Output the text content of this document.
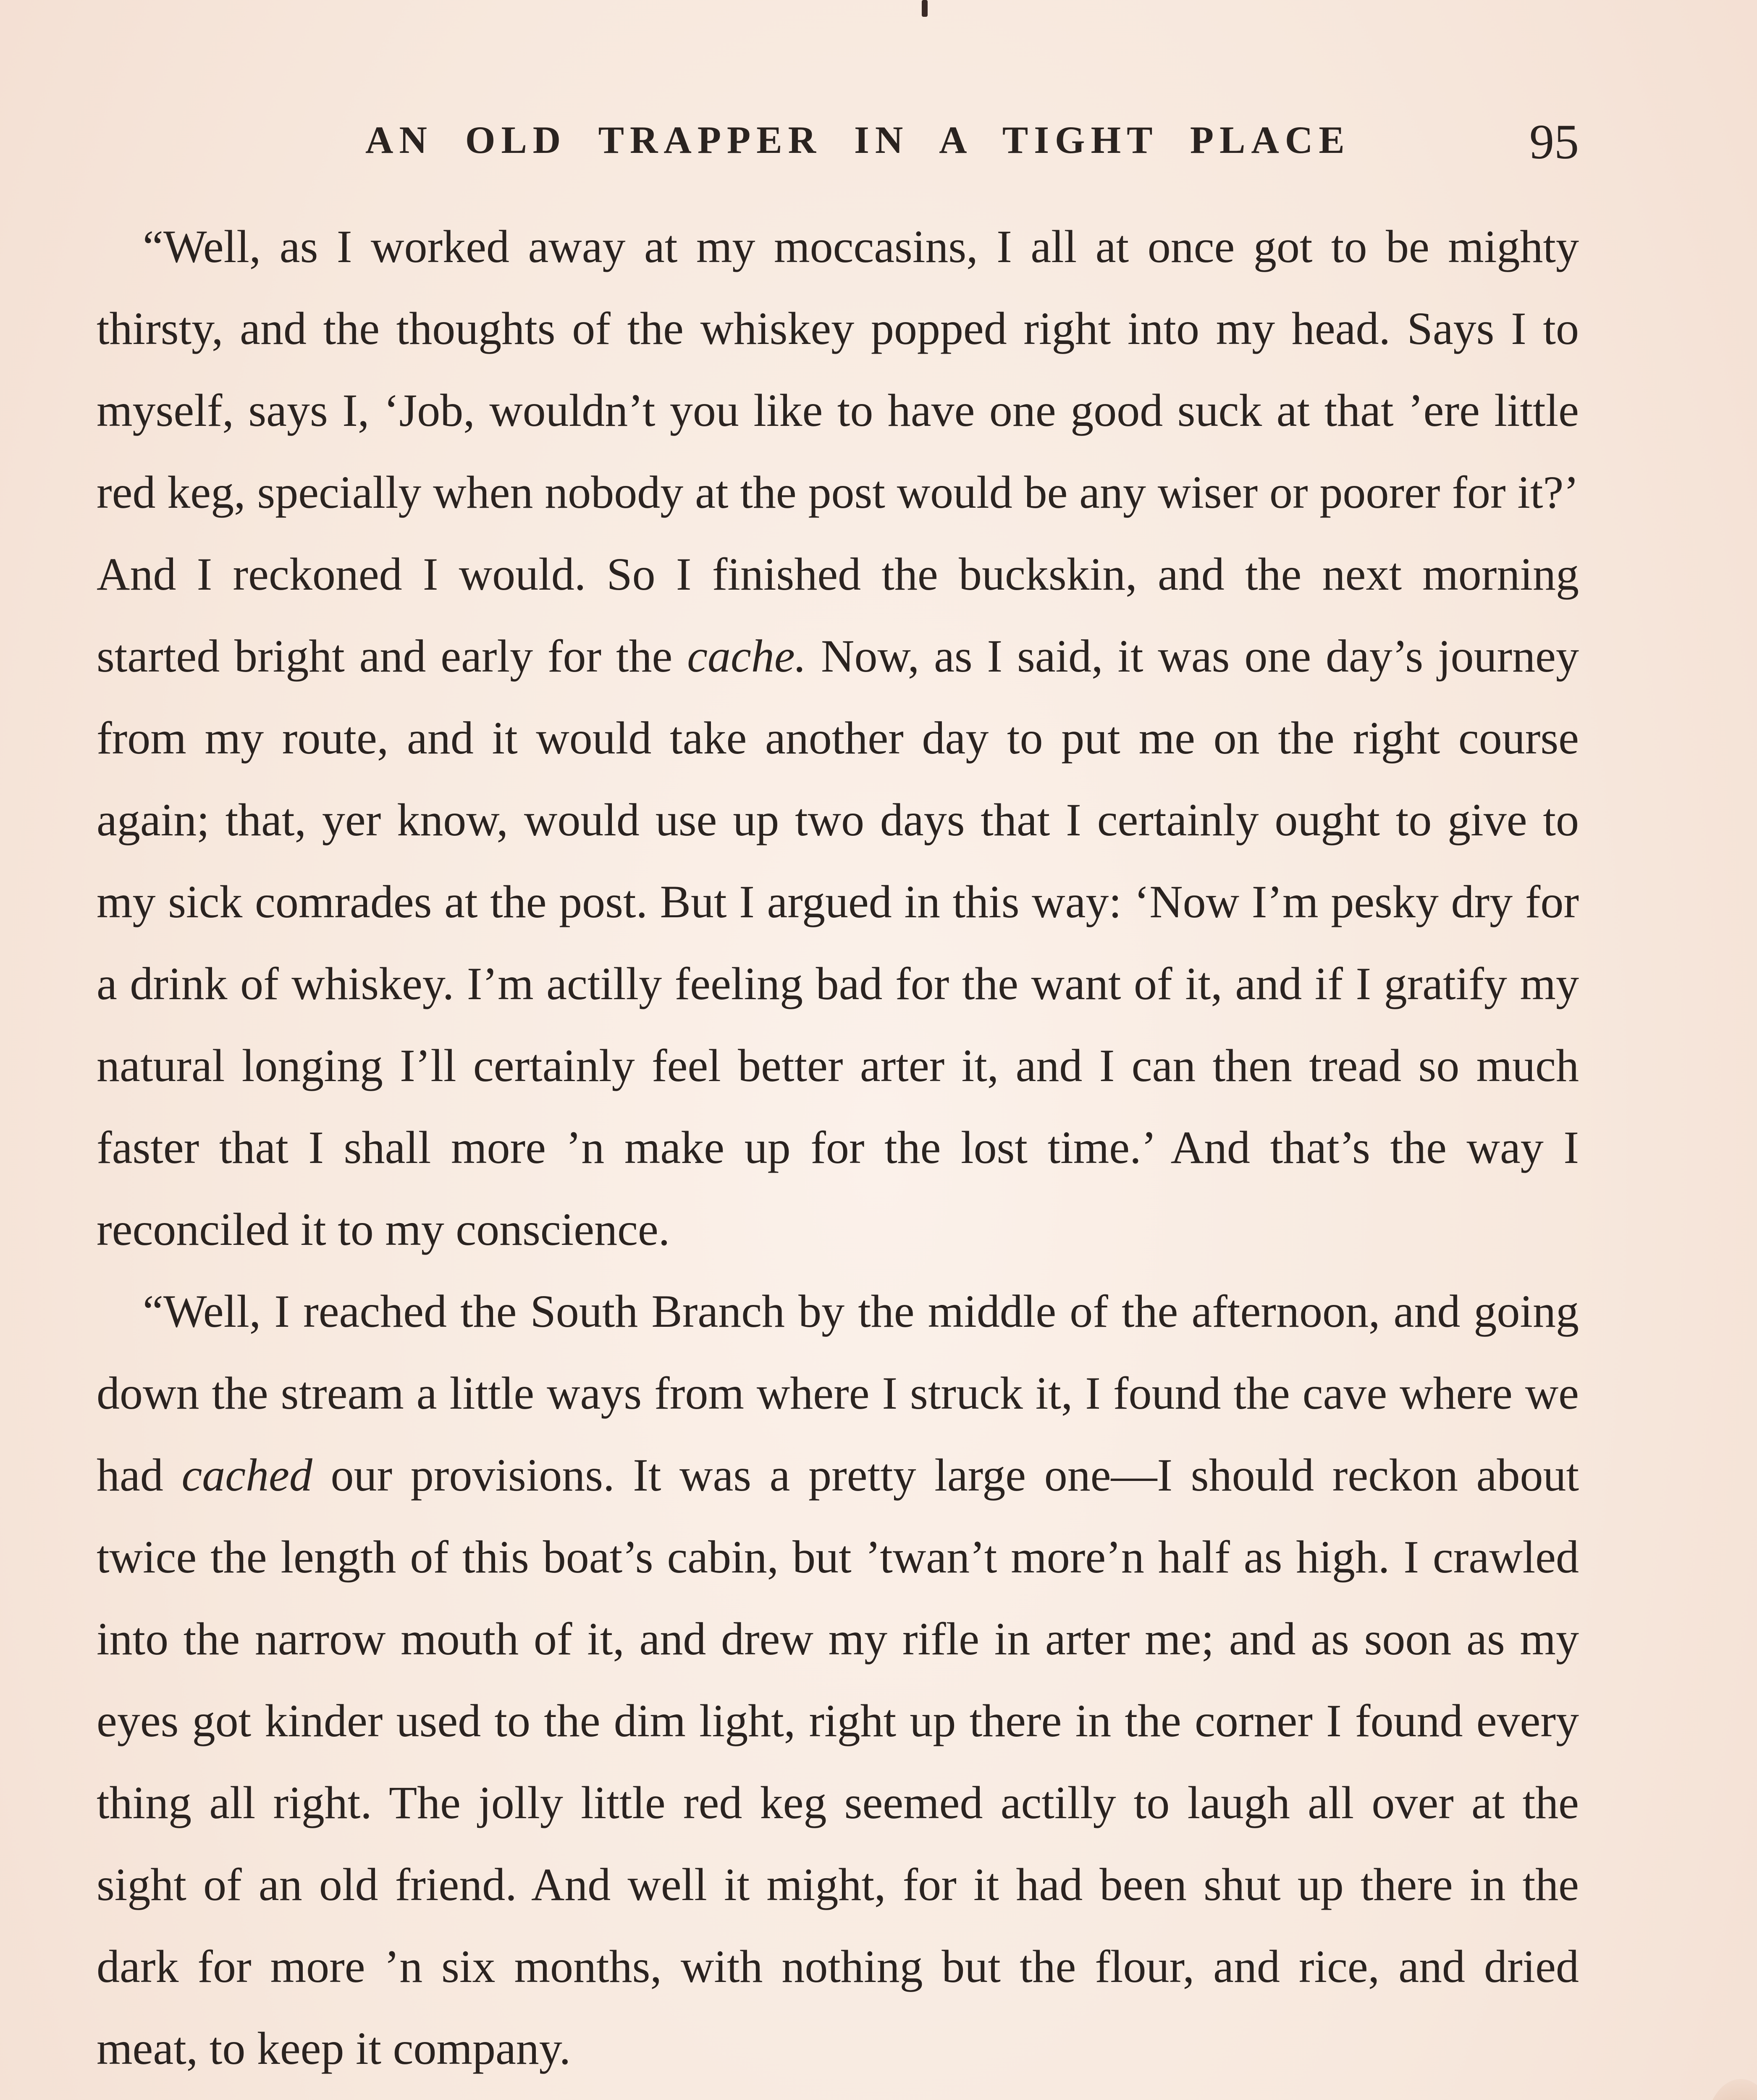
AN OLD TRAPPER IN A TIGHT PLACE	95

“Well, as I worked away at my moccasins, I all at once got to be mighty thirsty, and the thoughts of the whiskey popped right into my head. Says I to myself, says I, ‘Job, wouldn’t you like to have one good suck at that ’ere little red keg, specially when nobody at the post would be any wiser or poorer for it?’ And I reckoned I would. So I finished the buckskin, and the next morning started bright and early for the cache. Now, as I said, it was one day’s journey from my route, and it would take another day to put me on the right course again; that, yer know, would use up two days that I certainly ought to give to my sick comrades at the post. But I argued in this way: ‘Now I’m pesky dry for a drink of whiskey. I’m actilly feeling bad for the want of it, and if I gratify my natural longing I’ll certainly feel better arter it, and I can then tread so much faster that I shall more ’n make up for the lost time.’ And that’s the way I reconciled it to my conscience.

“Well, I reached the South Branch by the middle of the afternoon, and going down the stream a little ways from where I struck it, I found the cave where we had cached our provisions. It was a pretty large one—I should reckon about twice the length of this boat’s cabin, but ’twan’t more’n half as high. I crawled into the narrow mouth of it, and drew my rifle in arter me; and as soon as my eyes got kinder used to the dim light, right up there in the corner I found every thing all right. The jolly little red keg seemed actilly to laugh all over at the sight of an old friend. And well it might, for it had been shut up there in the dark for more ’n six months, with nothing but the flour, and rice, and dried meat, to keep it company.
